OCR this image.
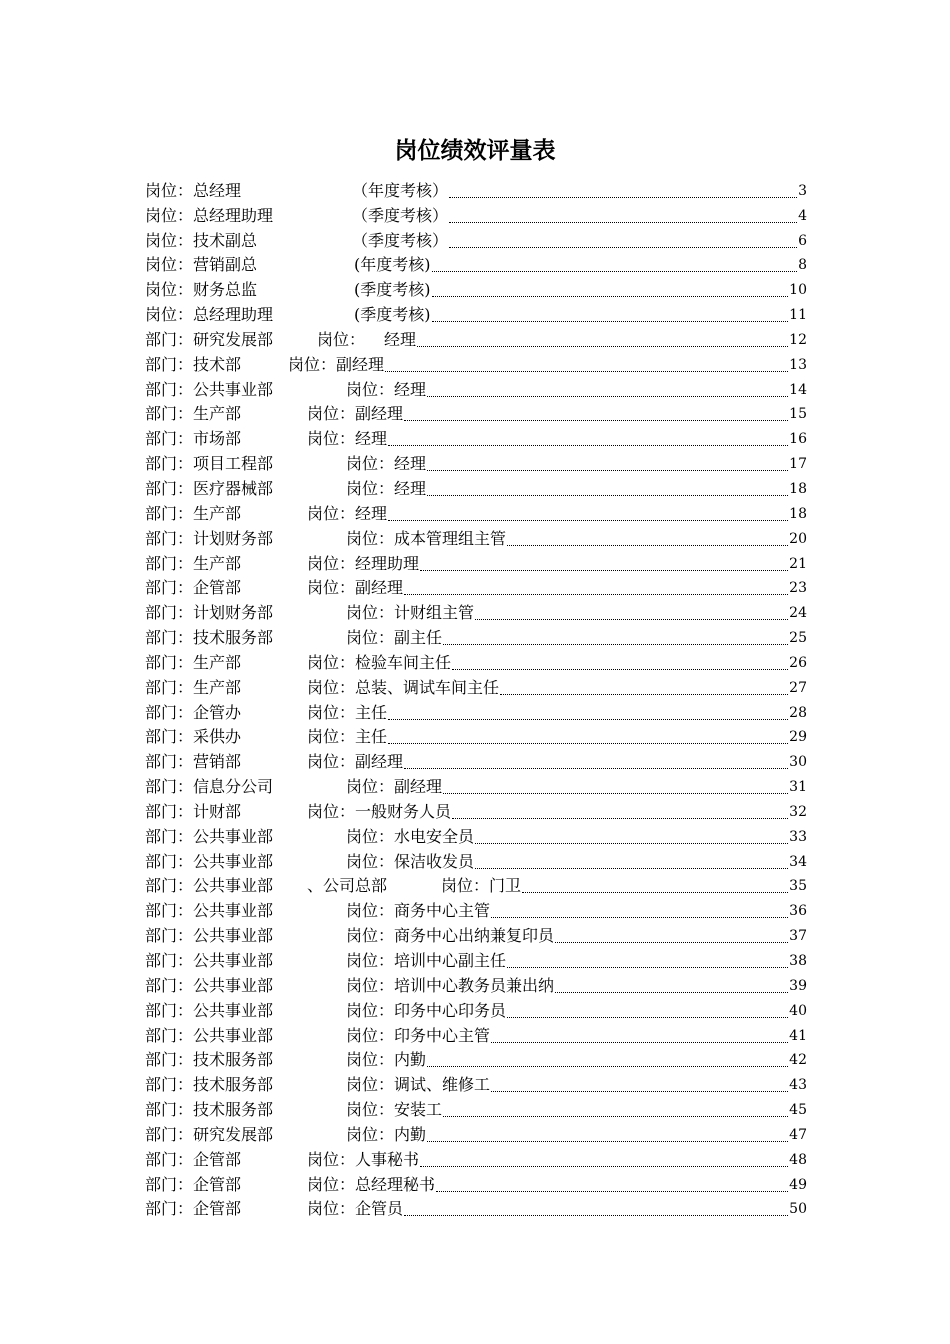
岗位绩效评量表
岗位：总经理	（年度考核）	3
岗位：总经理助理	（季度考核）	4
岗位：技术副总	（季度考核）	6
岗位：营销副总	(年度考核)	8
岗位：财务总监	(季度考核)	10
岗位：总经理助理	(季度考核)	11
部门：研究发展部	岗位： 经理	12
部门：技术部	岗位：副经理	13
部门：公共事业部	岗位：经理	14
部门：生产部	岗位：副经理	15
部门：市场部	岗位：经理	16
部门：项目工程部	岗位：经理	17
部门：医疗器械部	岗位：经理	18
部门：生产部	岗位：经理	18
部门：计划财务部	岗位：成本管理组主管	20
部门：生产部	岗位：经理助理	21
部门：企管部	岗位：副经理	23
部门：计划财务部	岗位：计财组主管	24
部门：技术服务部	岗位：副主任	25
部门：生产部	岗位：检验车间主任	26
部门：生产部	岗位：总装、调试车间主任	27
部门：企管办	岗位：主任	28
部门：采供办	岗位：主任	29
部门：营销部	岗位：副经理	30
部门：信息分公司	岗位：副经理	31
部门：计财部	岗位：一般财务人员	32
部门：公共事业部	岗位：水电安全员	33
部门：公共事业部	岗位：保洁收发员	34
部门：公共事业部 、公司总部	岗位：门卫	35
部门：公共事业部	岗位：商务中心主管	36
部门：公共事业部	岗位：商务中心出纳兼复印员	37
部门：公共事业部	岗位：培训中心副主任	38
部门：公共事业部	岗位：培训中心教务员兼出纳	39
部门：公共事业部	岗位：印务中心印务员	40
部门：公共事业部	岗位：印务中心主管	41
部门：技术服务部	岗位：内勤	42
部门：技术服务部	岗位：调试、维修工	43
部门：技术服务部	岗位：安装工	45
部门：研究发展部	岗位：内勤	47
部门：企管部	岗位：人事秘书	48
部门：企管部	岗位：总经理秘书	49
部门：企管部	岗位：企管员	50
